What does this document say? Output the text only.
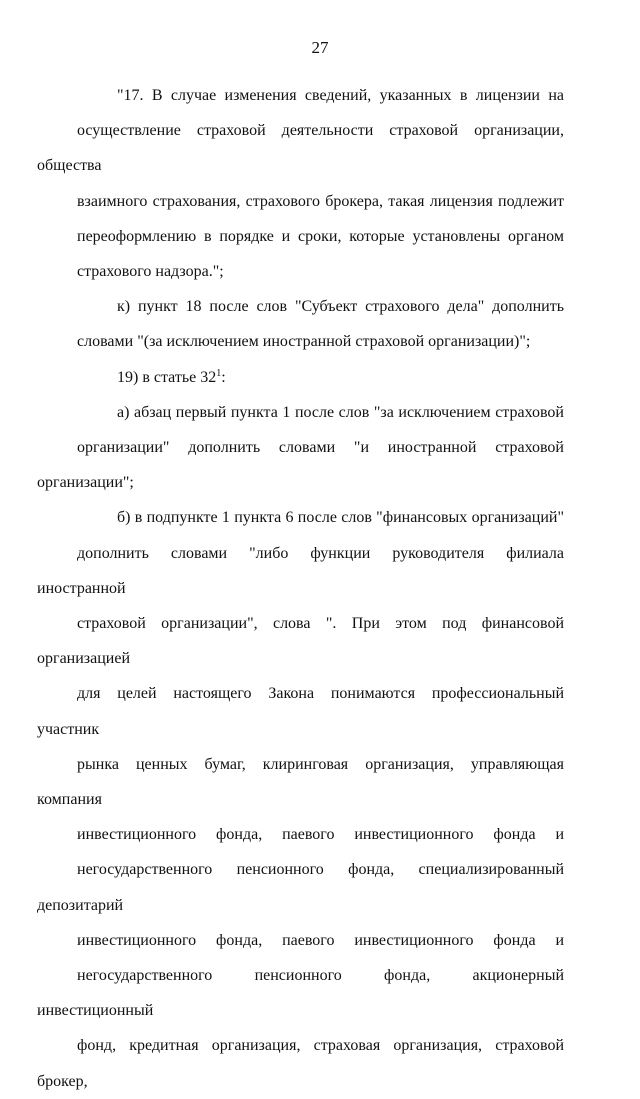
27

"17. В случае изменения сведений, указанных в лицензии на
осуществление страховой деятельности страховой организации, общества
взаимного страхования, страхового брокера, такая лицензия подлежит
переоформлению в порядке и сроки, которые установлены органом
страхового надзора.";

к) пункт 18 после слов "Субъект страхового дела" дополнить
словами "(за исключением иностранной страховой организации)";

19) в статье $32^1$:

а) абзац первый пункта 1 после слов "за исключением страховой
организации" дополнить словами "и иностранной страховой организации";

б) в подпункте 1 пункта 6 после слов "финансовых организаций"
дополнить словами "либо функции руководителя филиала иностранной
страховой организации", слова ". При этом под финансовой организацией
для целей настоящего Закона понимаются профессиональный участник
рынка ценных бумаг, клиринговая организация, управляющая компания
инвестиционного фонда, паевого инвестиционного фонда и
негосударственного пенсионного фонда, специализированный депозитарий
инвестиционного фонда, паевого инвестиционного фонда и
негосударственного пенсионного фонда, акционерный инвестиционный
фонд, кредитная организация, страховая организация, страховой брокер,
